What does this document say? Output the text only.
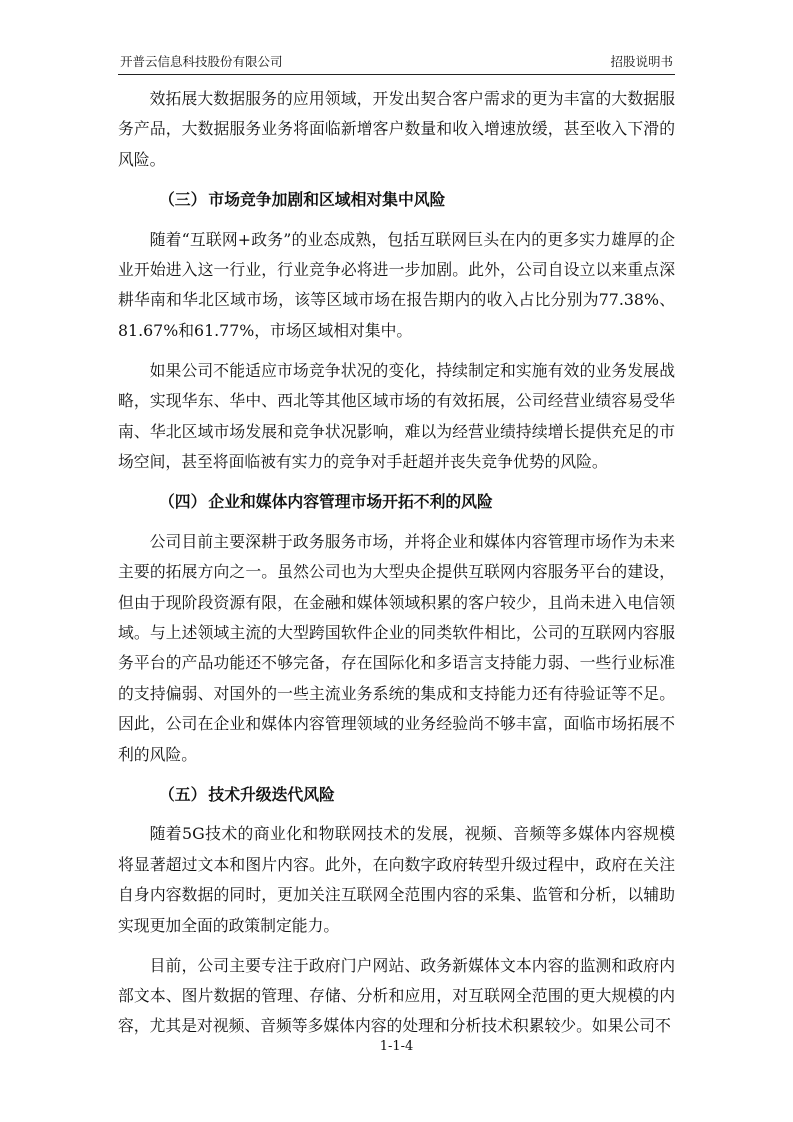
开普云信息科技股份有限公司	招股说明书

效拓展大数据服务的应用领域，开发出契合客户需求的更为丰富的大数据服务产品，大数据服务业务将面临新增客户数量和收入增速放缓，甚至收入下滑的风险。

（三） 市场竞争加剧和区域相对集中风险

随着“互联网+政务”的业态成熟，包括互联网巨头在内的更多实力雄厚的企业开始进入这一行业，行业竞争必将进一步加剧。此外，公司自设立以来重点深耕华南和华北区域市场，该等区域市场在报告期内的收入占比分别为77.38%、81.67%和61.77%，市场区域相对集中。

如果公司不能适应市场竞争状况的变化，持续制定和实施有效的业务发展战略，实现华东、华中、西北等其他区域市场的有效拓展，公司经营业绩容易受华南、华北区域市场发展和竞争状况影响，难以为经营业绩持续增长提供充足的市场空间，甚至将面临被有实力的竞争对手赶超并丧失竞争优势的风险。

（四） 企业和媒体内容管理市场开拓不利的风险

公司目前主要深耕于政务服务市场，并将企业和媒体内容管理市场作为未来主要的拓展方向之一。虽然公司也为大型央企提供互联网内容服务平台的建设，但由于现阶段资源有限，在金融和媒体领域积累的客户较少，且尚未进入电信领域。与上述领域主流的大型跨国软件企业的同类软件相比，公司的互联网内容服务平台的产品功能还不够完备，存在国际化和多语言支持能力弱、一些行业标准的支持偏弱、对国外的一些主流业务系统的集成和支持能力还有待验证等不足。因此，公司在企业和媒体内容管理领域的业务经验尚不够丰富，面临市场拓展不利的风险。

（五） 技术升级迭代风险

随着5G技术的商业化和物联网技术的发展，视频、音频等多媒体内容规模将显著超过文本和图片内容。此外，在向数字政府转型升级过程中，政府在关注自身内容数据的同时，更加关注互联网全范围内容的采集、监管和分析，以辅助实现更加全面的政策制定能力。

目前，公司主要专注于政府门户网站、政务新媒体文本内容的监测和政府内部文本、图片数据的管理、存储、分析和应用，对互联网全范围的更大规模的内容，尤其是对视频、音频等多媒体内容的处理和分析技术积累较少。如果公司不

1-1-4
